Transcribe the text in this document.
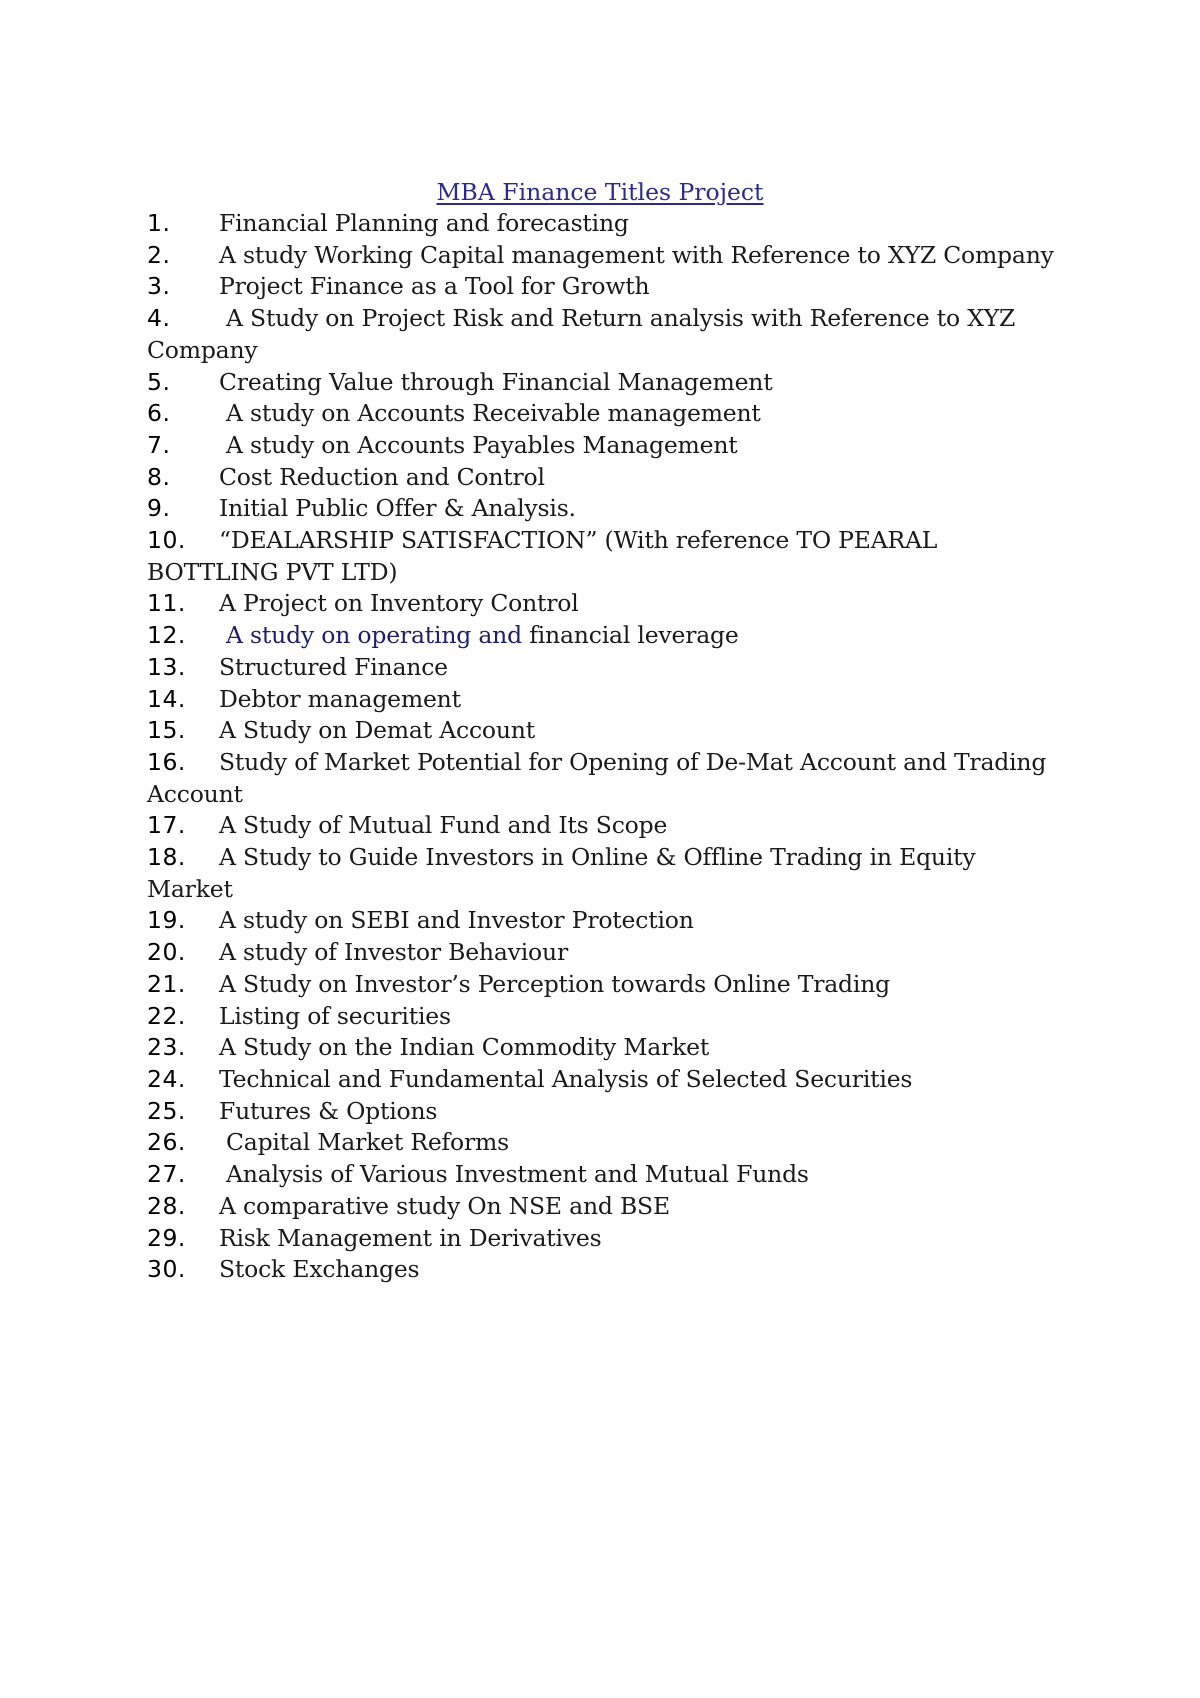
MBA Finance Titles Project
1. Financial Planning and forecasting
2. A study Working Capital management with Reference to XYZ Company
3. Project Finance as a Tool for Growth
4. A Study on Project Risk and Return analysis with Reference to XYZ Company
5. Creating Value through Financial Management
6. A study on Accounts Receivable management
7. A study on Accounts Payables Management
8. Cost Reduction and Control
9. Initial Public Offer & Analysis.
10. “DEALARSHIP SATISFACTION” (With reference TO PEARAL BOTTLING PVT LTD)
11. A Project on Inventory Control
12. A study on operating and financial leverage
13. Structured Finance
14. Debtor management
15. A Study on Demat Account
16. Study of Market Potential for Opening of De-Mat Account and Trading Account
17. A Study of Mutual Fund and Its Scope
18. A Study to Guide Investors in Online & Offline Trading in Equity Market
19. A study on SEBI and Investor Protection
20. A study of Investor Behaviour
21. A Study on Investor’s Perception towards Online Trading
22. Listing of securities
23. A Study on the Indian Commodity Market
24. Technical and Fundamental Analysis of Selected Securities
25. Futures & Options
26. Capital Market Reforms
27. Analysis of Various Investment and Mutual Funds
28. A comparative study On NSE and BSE
29. Risk Management in Derivatives
30. Stock Exchanges
